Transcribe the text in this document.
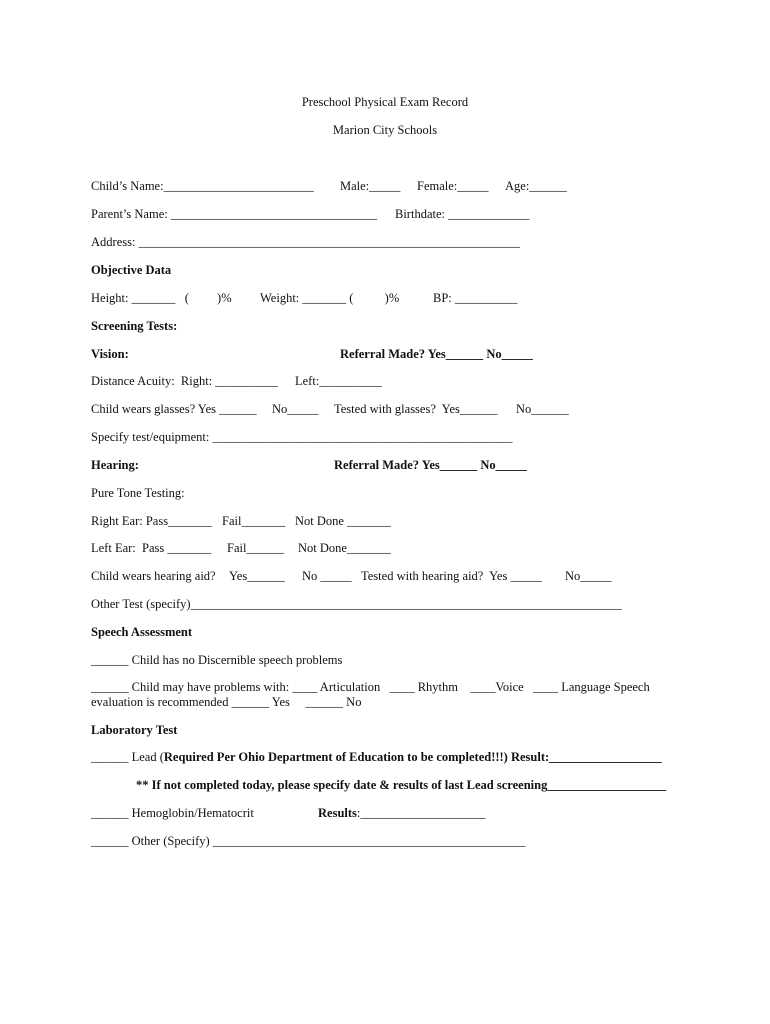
Preschool Physical Exam Record
Marion City Schools
Child’s Name:________________________ Male:_____ Female:_____ Age:______
Parent’s Name: _________________________________ Birthdate: _____________
Address: _____________________________________________________________
Objective Data
Height: _______   (         )% Weight: _______ (          )%	BP: __________
Screening Tests:
Vision:	Referral Made? Yes______ No_____
Distance Acuity:  Right: __________ Left:__________
Child wears glasses? Yes ______ No_____ Tested with glasses?  Yes______ No______
Specify test/equipment: ________________________________________________
Hearing:	Referral Made? Yes______ No_____
Pure Tone Testing:
Right Ear: Pass_______ Fail_______ Not Done _______
Left Ear:  Pass _______ Fail______ Not Done_______
Child wears hearing aid? Yes______ No _____ Tested with hearing aid?  Yes _____ No_____
Other Test (specify)_____________________________________________________________________
Speech Assessment
______ Child has no Discernible speech problems
______ Child may have problems with: ____ Articulation   ____ Rhythm    ____Voice   ____ Language Speech
evaluation is recommended ______ Yes     ______ No
Laboratory Test
______ Lead (Required Per Ohio Department of Education to be completed!!!) Result:__________________
** If not completed today, please specify date & results of last Lead screening___________________
______ Hemoglobin/Hematocrit	Results:____________________
______ Other (Specify) __________________________________________________
